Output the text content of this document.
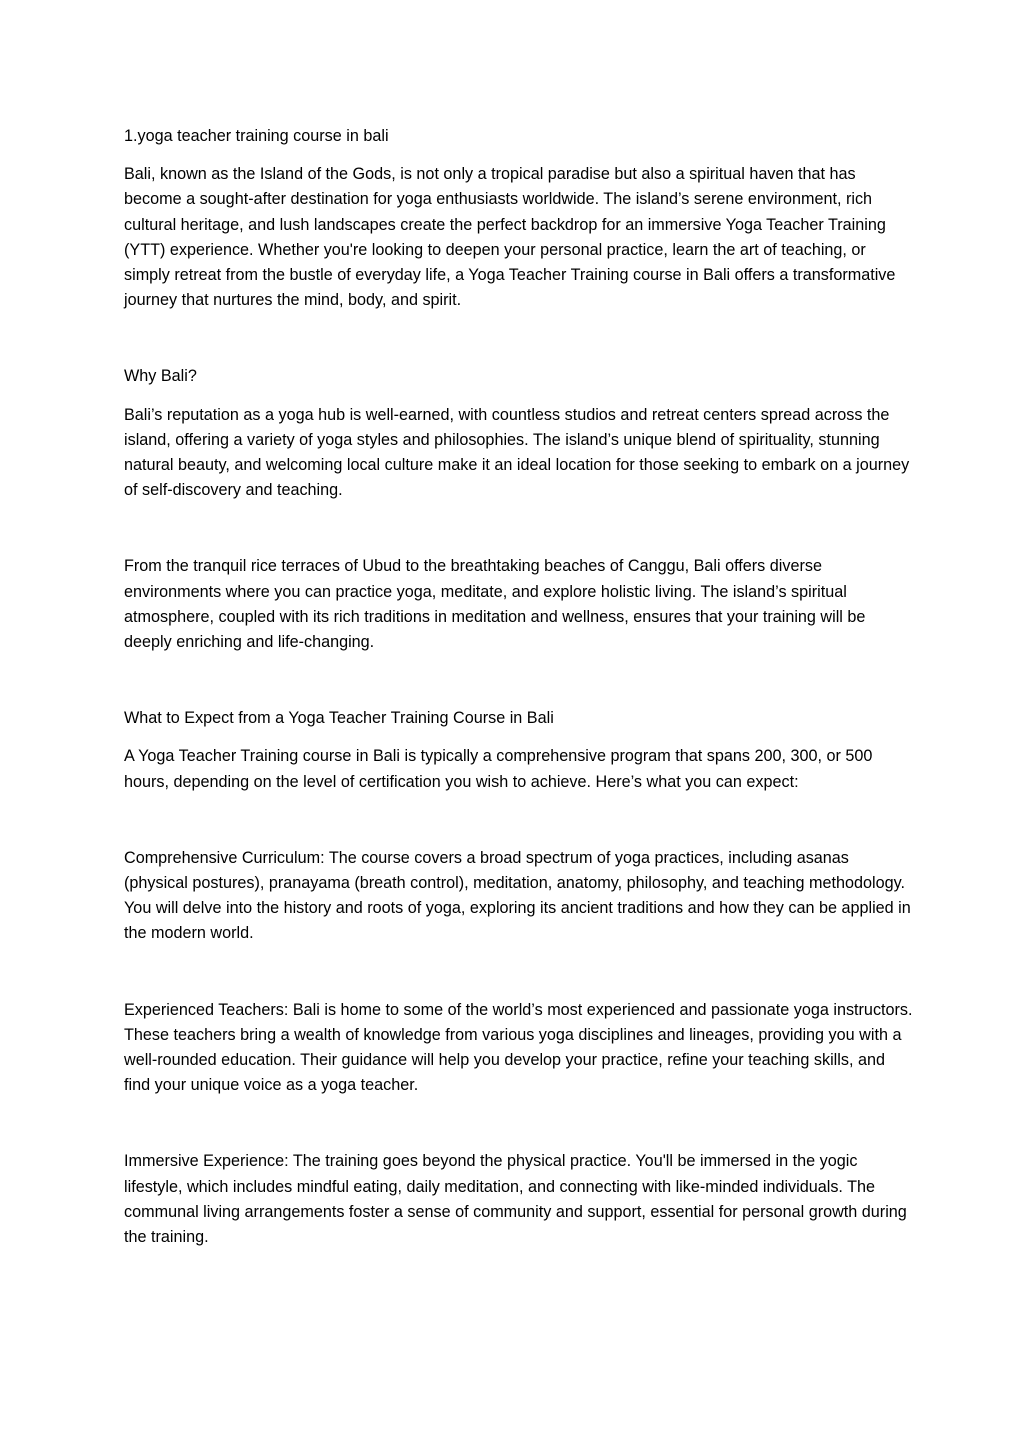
1.yoga teacher training course in bali

Bali, known as the Island of the Gods, is not only a tropical paradise but also a spiritual haven that has become a sought-after destination for yoga enthusiasts worldwide. The island’s serene environment, rich cultural heritage, and lush landscapes create the perfect backdrop for an immersive Yoga Teacher Training (YTT) experience. Whether you're looking to deepen your personal practice, learn the art of teaching, or simply retreat from the bustle of everyday life, a Yoga Teacher Training course in Bali offers a transformative journey that nurtures the mind, body, and spirit.

Why Bali?

Bali’s reputation as a yoga hub is well-earned, with countless studios and retreat centers spread across the island, offering a variety of yoga styles and philosophies. The island’s unique blend of spirituality, stunning natural beauty, and welcoming local culture make it an ideal location for those seeking to embark on a journey of self-discovery and teaching.

From the tranquil rice terraces of Ubud to the breathtaking beaches of Canggu, Bali offers diverse environments where you can practice yoga, meditate, and explore holistic living. The island’s spiritual atmosphere, coupled with its rich traditions in meditation and wellness, ensures that your training will be deeply enriching and life-changing.

What to Expect from a Yoga Teacher Training Course in Bali

A Yoga Teacher Training course in Bali is typically a comprehensive program that spans 200, 300, or 500 hours, depending on the level of certification you wish to achieve. Here’s what you can expect:

Comprehensive Curriculum: The course covers a broad spectrum of yoga practices, including asanas (physical postures), pranayama (breath control), meditation, anatomy, philosophy, and teaching methodology. You will delve into the history and roots of yoga, exploring its ancient traditions and how they can be applied in the modern world.

Experienced Teachers: Bali is home to some of the world’s most experienced and passionate yoga instructors. These teachers bring a wealth of knowledge from various yoga disciplines and lineages, providing you with a well-rounded education. Their guidance will help you develop your practice, refine your teaching skills, and find your unique voice as a yoga teacher.

Immersive Experience: The training goes beyond the physical practice. You'll be immersed in the yogic lifestyle, which includes mindful eating, daily meditation, and connecting with like-minded individuals. The communal living arrangements foster a sense of community and support, essential for personal growth during the training.
